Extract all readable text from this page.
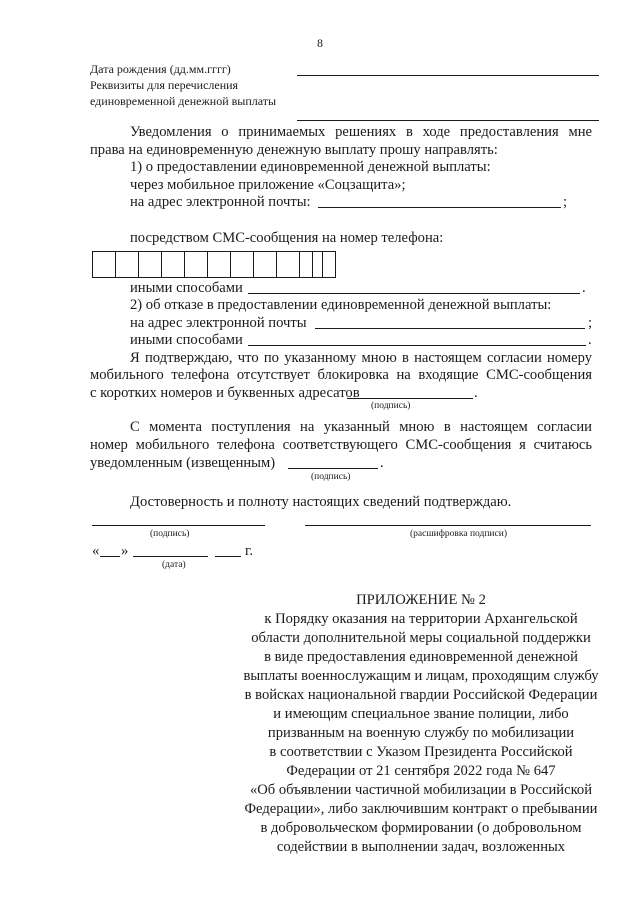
8
Дата рождения (дд.мм.гггг)
Реквизиты для перечисления
единовременной денежной выплаты
Уведомления о принимаемых решениях в ходе предоставления мне
права на единовременную денежную выплату прошу направлять:
1) о предоставлении единовременной денежной выплаты:
через мобильное приложение «Соцзащита»;
на адрес электронной почты:	;
посредством СМС-сообщения на номер телефона:
иными способами	.
2) об отказе в предоставлении единовременной денежной выплаты:
на адрес электронной почты	;
иными способами	.
Я подтверждаю, что по указанному мною в настоящем согласии номеру
мобильного телефона отсутствует блокировка на входящие СМС-сообщения
с коротких номеров и буквенных адресатов	.
(подпись)
С момента поступления на указанный мною в настоящем согласии
номер мобильного телефона соответствующего СМС-сообщения я считаюсь
уведомленным (извещенным)	.
(подпись)
Достоверность и полноту настоящих сведений подтверждаю.
(подпись)	(расшифровка подписи)
« »	г.
(дата)
ПРИЛОЖЕНИЕ № 2
к Порядку оказания на территории Архангельской
области дополнительной меры социальной поддержки
в виде предоставления единовременной денежной
выплаты военнослужащим и лицам, проходящим службу
в войсках национальной гвардии Российской Федерации
и имеющим специальное звание полиции, либо
призванным на военную службу по мобилизации
в соответствии с Указом Президента Российской
Федерации от 21 сентября 2022 года № 647
«Об объявлении частичной мобилизации в Российской
Федерации», либо заключившим контракт о пребывании
в добровольческом формировании (о добровольном
содействии в выполнении задач, возложенных
